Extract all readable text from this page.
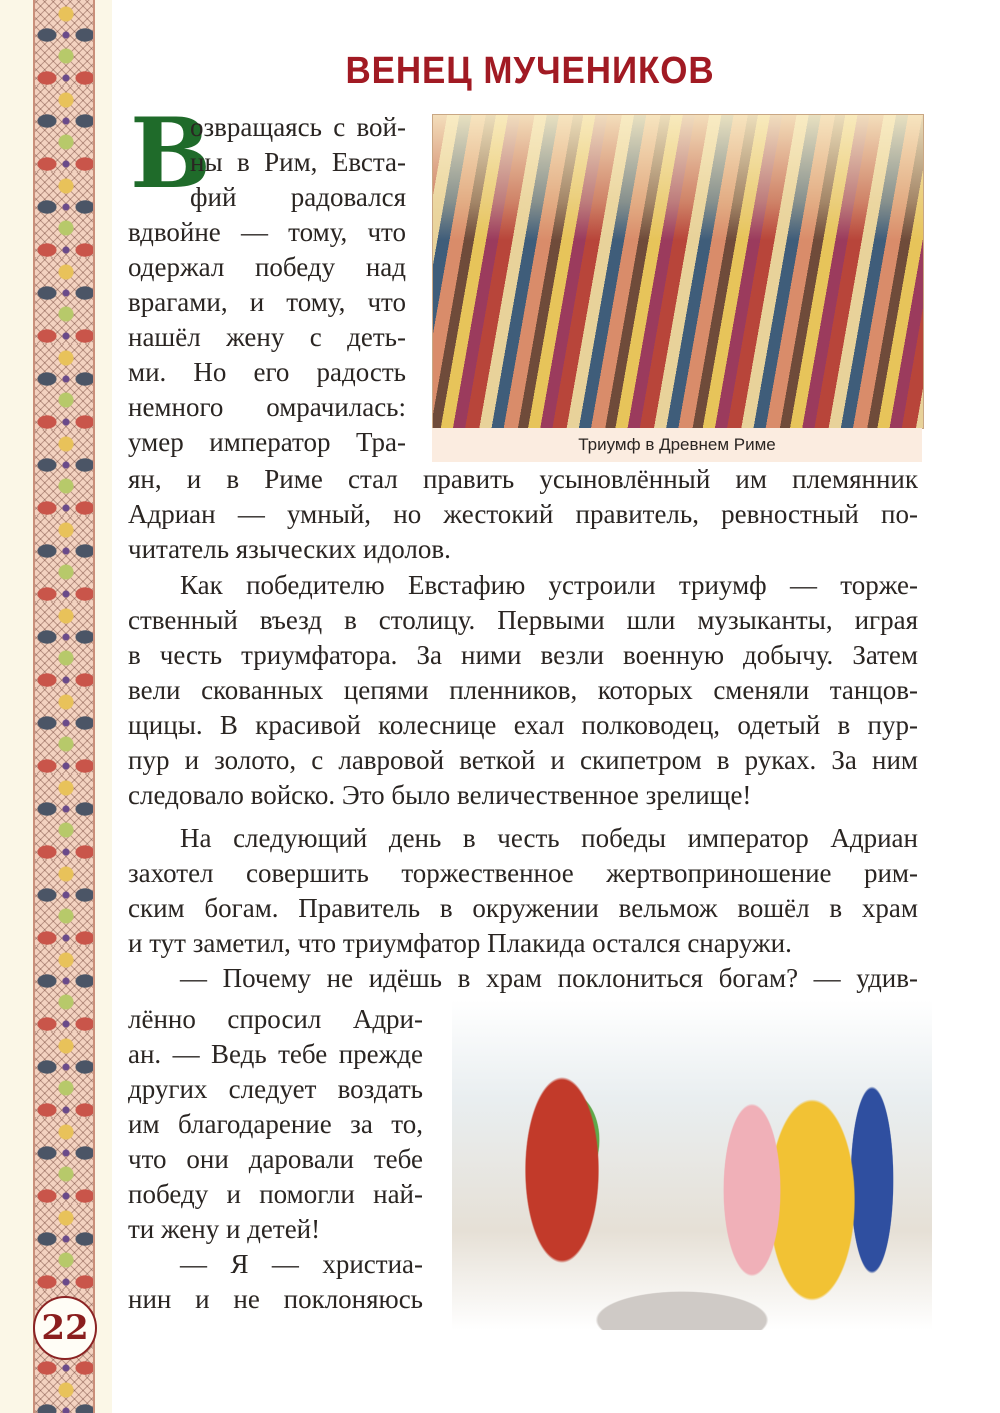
22
ВЕНЕЦ МУЧЕНИКОВ
В
озвращаясь с вой-
ны в Рим, Евста-
фий радовался
вдвойне — тому, что
одержал победу над
врагами, и тому, что
нашёл жену с деть-
ми. Но его радость
немного омрачилась:
умер император Тра-	Триумф в Древнем Риме
ян, и в Риме стал править усыновлённый им племянник
Адриан — умный, но жестокий правитель, ревностный по-
читатель языческих идолов.
Как победителю Евстафию устроили триумф — торже-
ственный въезд в столицу. Первыми шли музыканты, играя
в честь триумфатора. За ними везли военную добычу. Затем
вели скованных цепями пленников, которых сменяли танцов-
щицы. В красивой колеснице ехал полководец, одетый в пур-
пур и золото, с лавровой веткой и скипетром в руках. За ним
следовало войско. Это было величественное зрелище!
На следующий день в честь победы император Адриан
захотел совершить торжественное жертвоприношение рим-
ским богам. Правитель в окружении вельмож вошёл в храм
и тут заметил, что триумфатор Плакида остался снаружи.
— Почему не идёшь в храм поклониться богам? — удив-
лённо спросил Адри-
ан. — Ведь тебе прежде
других следует воздать
им благодарение за то,
что они даровали тебе
победу и помогли най-
ти жену и детей!
— Я — христиа-
нин и не поклоняюсь
